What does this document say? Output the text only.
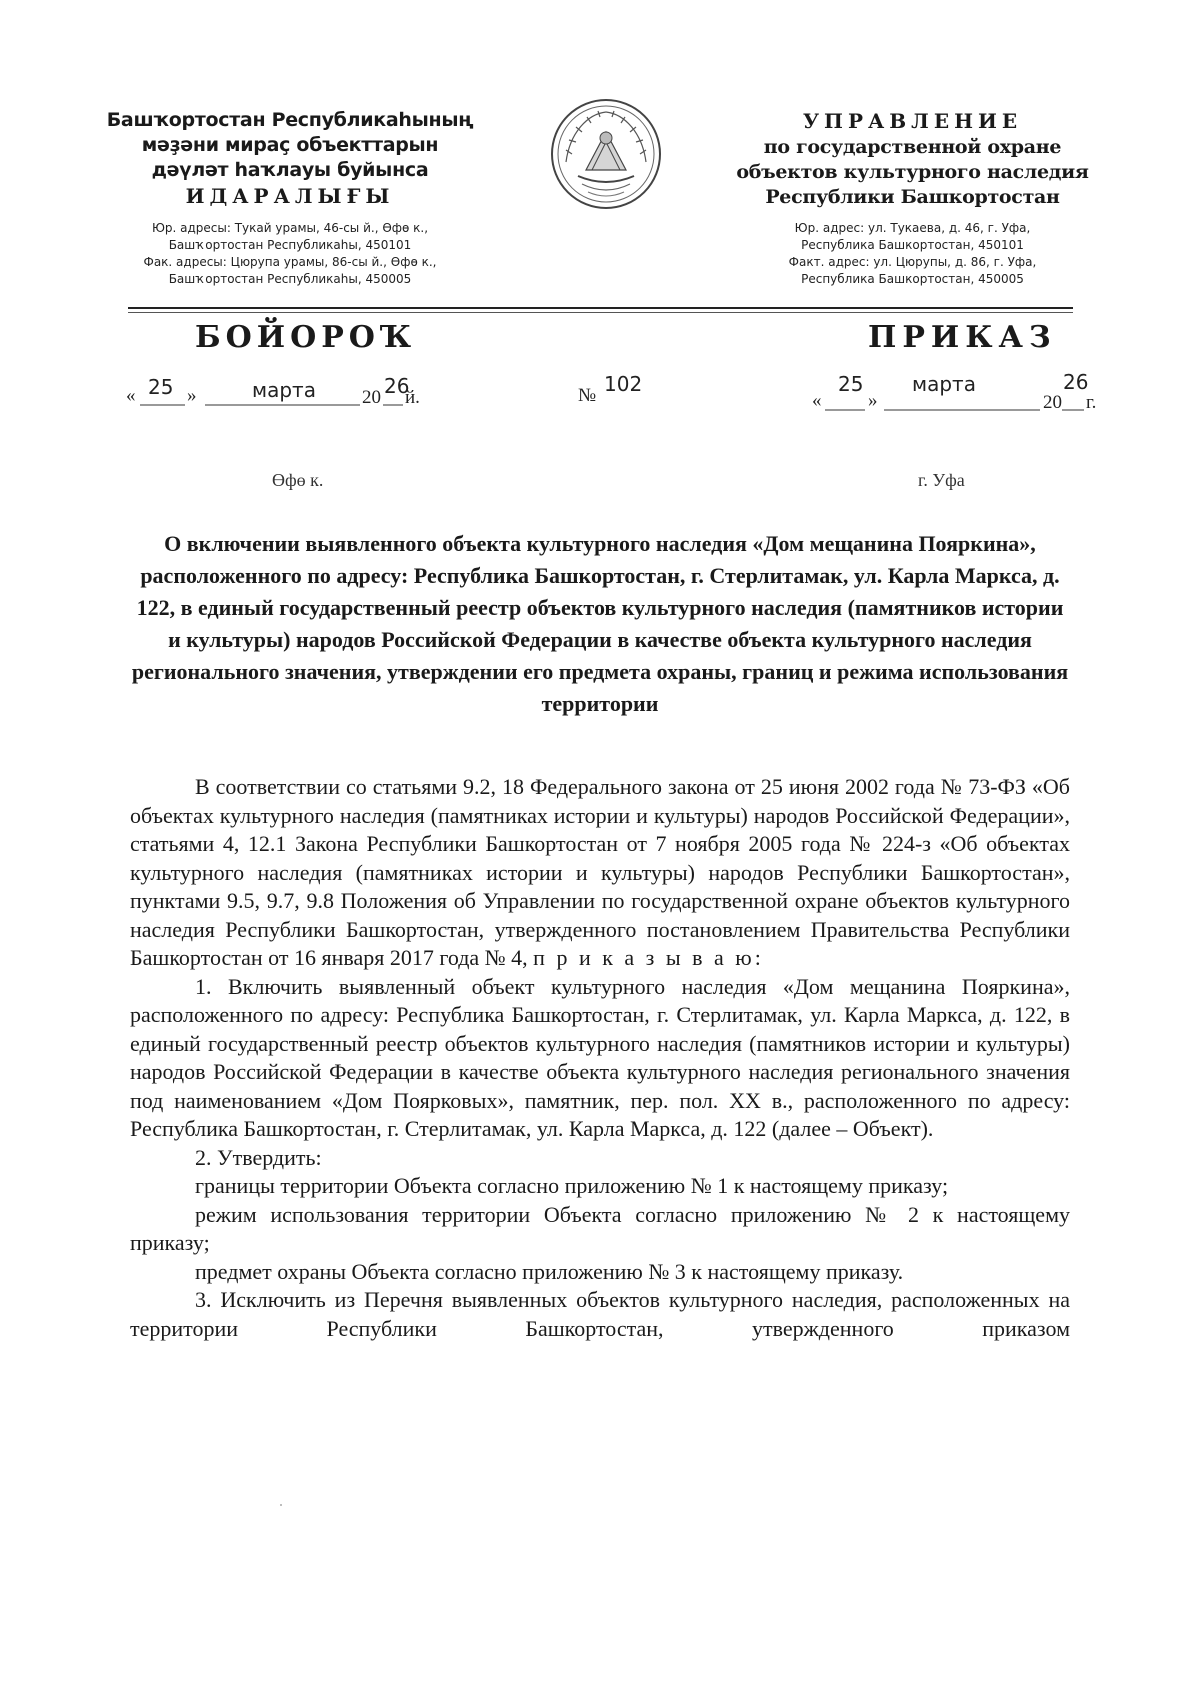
Башҡортостан Республикаһының
мәҙәни мираҫ объекттарын
дәүләт һаҡлауы буйынса
ИДАРАЛЫҒЫ
Юр. адресы: Тукай урамы, 46-сы й., Өфө к.,
Башҡортостан Республикаһы, 450101
Фак. адресы: Цюрупа урамы, 86-сы й., Өфө к.,
Башҡортостан Республикаһы, 450005
УПРАВЛЕНИЕ
по государственной охране
объектов культурного наследия
Республики Башкортостан
Юр. адрес: ул. Тукаева, д. 46, г. Уфа,
Республика Башкортостан, 450101
Факт. адрес: ул. Цюрупы, д. 86, г. Уфа,
Республика Башкортостан, 450005
БОЙОРОҠ	ПРИКАЗ
« 25 »	марта 20 26
й.	№ 102
«
25
»
марта
20
26
г.
Өфө к.	г. Уфа
О включении выявленного объекта культурного наследия «Дом мещанина Пояркина», расположенного по адресу: Республика Башкортостан, г. Стерлитамак, ул. Карла Маркса, д. 122, в единый государственный реестр объектов культурного наследия (памятников истории и культуры) народов Российской Федерации в качестве объекта культурного наследия регионального значения, утверждении его предмета охраны, границ и режима использования территории

В соответствии со статьями 9.2, 18 Федерального закона от 25 июня 2002 года № 73-ФЗ «Об объектах культурного наследия (памятниках истории и культуры) народов Российской Федерации», статьями 4, 12.1 Закона Республики Башкортостан от 7 ноября 2005 года № 224-з «Об объектах культурного наследия (памятниках истории и культуры) народов Республики Башкортостан», пунктами 9.5, 9.7, 9.8 Положения об Управлении по государственной охране объектов культурного наследия Республики Башкортостан, утвержденного постановлением Правительства Республики Башкортостан от 16 января 2017 года № 4, п р и к а з ы в а ю:

1. Включить выявленный объект культурного наследия «Дом мещанина Пояркина», расположенного по адресу: Республика Башкортостан, г. Стерлитамак, ул. Карла Маркса, д. 122, в единый государственный реестр объектов культурного наследия (памятников истории и культуры) народов Российской Федерации в качестве объекта культурного наследия регионального значения под наименованием «Дом Поярковых», памятник, пер. пол. XX в., расположенного по адресу: Республика Башкортостан, г. Стерлитамак, ул. Карла Маркса, д. 122 (далее – Объект).

2. Утвердить:

границы территории Объекта согласно приложению № 1 к настоящему приказу;

режим использования территории Объекта согласно приложению № 2 к настоящему приказу;

предмет охраны Объекта согласно приложению № 3 к настоящему приказу.

3. Исключить из Перечня выявленных объектов культурного наследия, расположенных на территории Республики Башкортостан, утвержденного приказом
